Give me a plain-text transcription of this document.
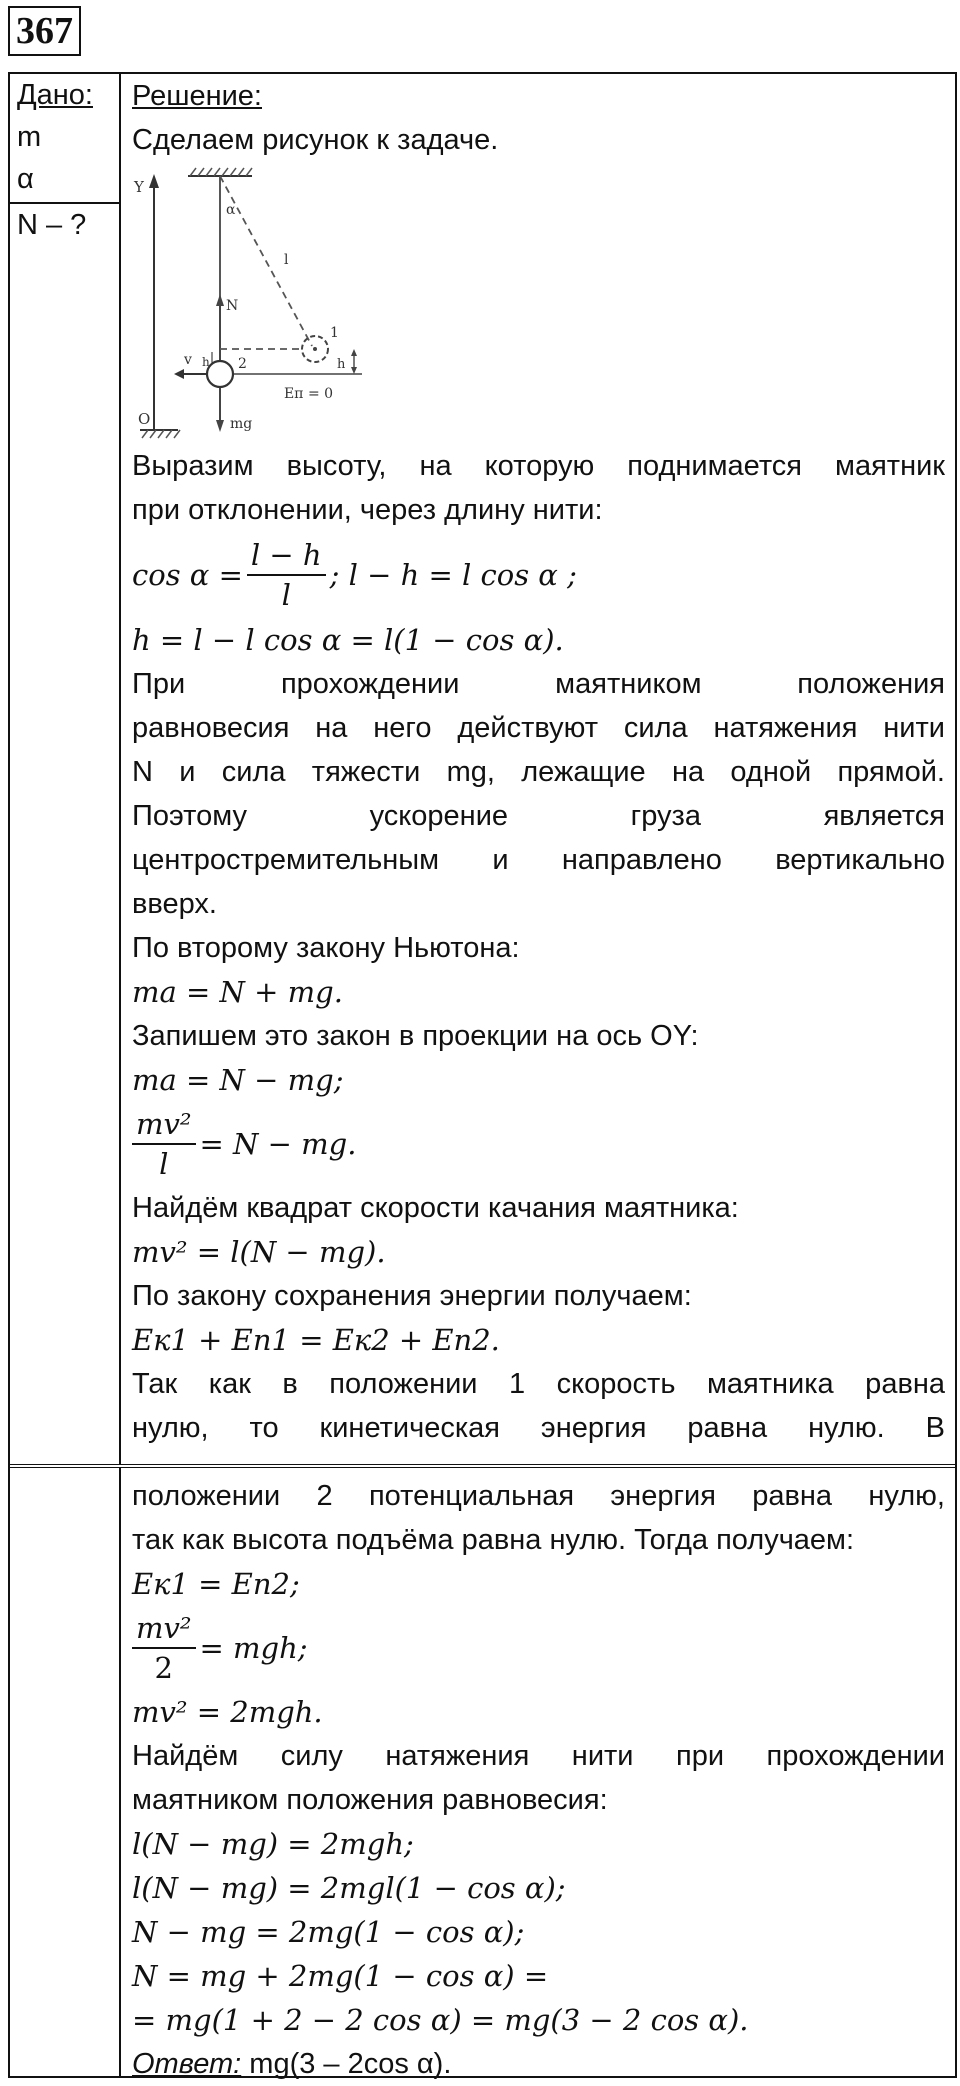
367
Дано:
m
α
N – ?
Решение:
Сделаем рисунок к задаче.
Y
O
α
l
N
1
h
h 2
v
mg
Eп = 0
Выразим высоту, на которую поднимается маятник
при отклонении, через длину нити:
$\cos \alpha = \frac{l - h}{l}$ ; l − h = l cos α ;
h = l − l cos α = l(1 − cos α).
При прохождении маятником положения
равновесия на него действуют сила натяжения нити
N и сила тяжести mg, лежащие на одной прямой.
Поэтому ускорение груза является
центростремительным и направлено вертикально
вверх.
По второму закону Ньютона:
ma = N + mg.
Запишем это закон в проекции на ось OY:
ma = N − mg;
$\frac{\text{mv²}}{l} = N$ − mg.
Найдём квадрат скорости качания маятника:
mv² = l(N − mg).
По закону сохранения энергии получаем:
Eк1 + Eп1 = Eк2 + Eп2.
Так как в положении 1 скорость маятника равна
нулю, то кинетическая энергия равна нулю. В
положении 2 потенциальная энергия равна нулю,
так как высота подъёма равна нулю. Тогда получаем:
Eк1 = Eп2;
$\frac{\text{mv²}}{2}$ = mgh;
mv² = 2mgh.
Найдём силу натяжения нити при прохождении
маятником положения равновесия:
l(N − mg) = 2mgh;
l(N − mg) = 2mgl(1 − cos α);
N − mg = 2mg(1 − cos α);
N = mg + 2mg(1 − cos α) =
= mg(1 + 2 − 2 cos α) = mg(3 − 2 cos α).
Ответ: mg(3 – 2cos α).
